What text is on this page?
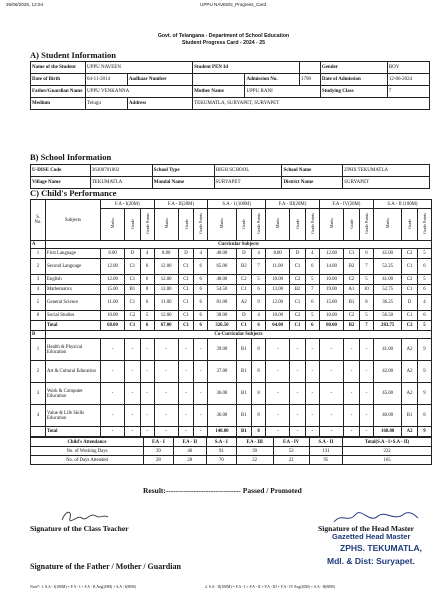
26/06/2025, 12:04	UPPU NAVEEN_Progress_Card
Govt. of Telangana - Department of School Education
Student Progress Card - 2024 - 25
A) Student Information
Name of the Student	UPPU NAVEEN		Student PEN Id			Gender	BOY
Date of Birth	04-11-2014	Aadhaar Number		Admission No.	1790	Date of Admission	12-06-2024
Father/Guardian Name	UPPU VENKANNA		Mother Name	UPPU RANI		Studying Class	7
Medium	Telugu	Address	TEKUMATLA, SURYAPET, SURYAPET				
B) School Information
U-DISE Code	36300701002	School Type	HIGH SCHOOL	School Name	ZPHS TEKUMATLA
Village Name	TEKUMATLA	Mandal Name	SURYAPET	District Name	SURYAPET
C) Child's Performance
S. No.	Subjects	F.A - I(20M)			F.A - II(20M)			S.A - I (100M)			F.A - III(20M)			F.A - IV(20M)			S.A - II (100M)		
		Marks	Grade	Grade Points	Marks	Grade	Grade Points	Marks	Grade	Grade Points	Marks	Grade	Grade Points	Marks	Grade	Grade Points	Marks	Grade	Grade Points
A	Curricular Subjects																		
1	First Language	8.00	D	4	8.00	D	4	40.00	D	4	8.00	D	4	12.00	C1	6	45.00	C2	5
2	Second Language	12.00	C1	6	12.00	C1	6	65.00	B2	7	11.00	C1	6	14.00	B2	7	52.25	C1	6
3	English	12.00	C1	6	12.00	C1	6	48.00	C2	5	10.00	C2	5	10.00	C2	5	41.00	C2	5
4	Mathematics	15.00	B1	8	12.00	C1	6	54.50	C1	6	13.00	B2	7	19.00	A1	10	52.75	C1	6
5	General Science	11.00	C1	6	11.00	C1	6	81.00	A2	9	12.00	C1	6	15.00	B1	8	36.25	D	4
6	Social Studies	10.00	C2	5	12.00	C1	6	38.00	D	4	10.00	C2	5	10.00	C2	5	56.50	C1	6
	Total	68.00	C1	6	67.00	C1	6	326.50	C1	6	64.00	C1	6	80.00	B2	7	283.75	C2	5
B	Co-Curricular Subjects																		
1	Health & Physical Education	-	-	-	-	-	-	39.00	B1	8	-	-	-	-	-	-	41.00	A2	9
2	Art & Cultural Education	-	-	-	-	-	-	37.00	B1	8	-	-	-	-	-	-	42.00	A2	9
3	Work & Computer Education	-	-	-	-	-	-	36.00	B1	8	-	-	-	-	-	-	45.00	A2	9
4	Value & Life Skills Education	-	-	-	-	-	-	36.00	B1	8	-	-	-	-	-	-	40.00	B1	8
	Total	-	-	-	-	-	-	148.00	B1	8	-	-	-	-	-	-	168.00	A2	9
Child's Attendance	F.A - I	F.A - II	S.A - I	F.A - III	F.A - IV	S.A - II	Total(S.A - I+S.A - II)
No. of Working Days	39	46	91	39	53	131	222
No. of Days Attended	28	28	70	22	22	95	165
Result:------------------------------ Passed / Promoted
Signature of the Class Teacher	Signature of the Head Master
Gazetted Head Master
ZPHS. TEKUMATLA,
Mdl. & Dist: Suryapet.
Signature of the Father / Mother / Guardian
Note*: 1. S.A - I(100M) = F.A - I + F.A - II Avg(20M) + S.A - I(80M)	2. S.A - II(100M) = F.A - I + F.A - II + F.A - III + F.A - IV Avg(20M) + S.A - II(80M)
